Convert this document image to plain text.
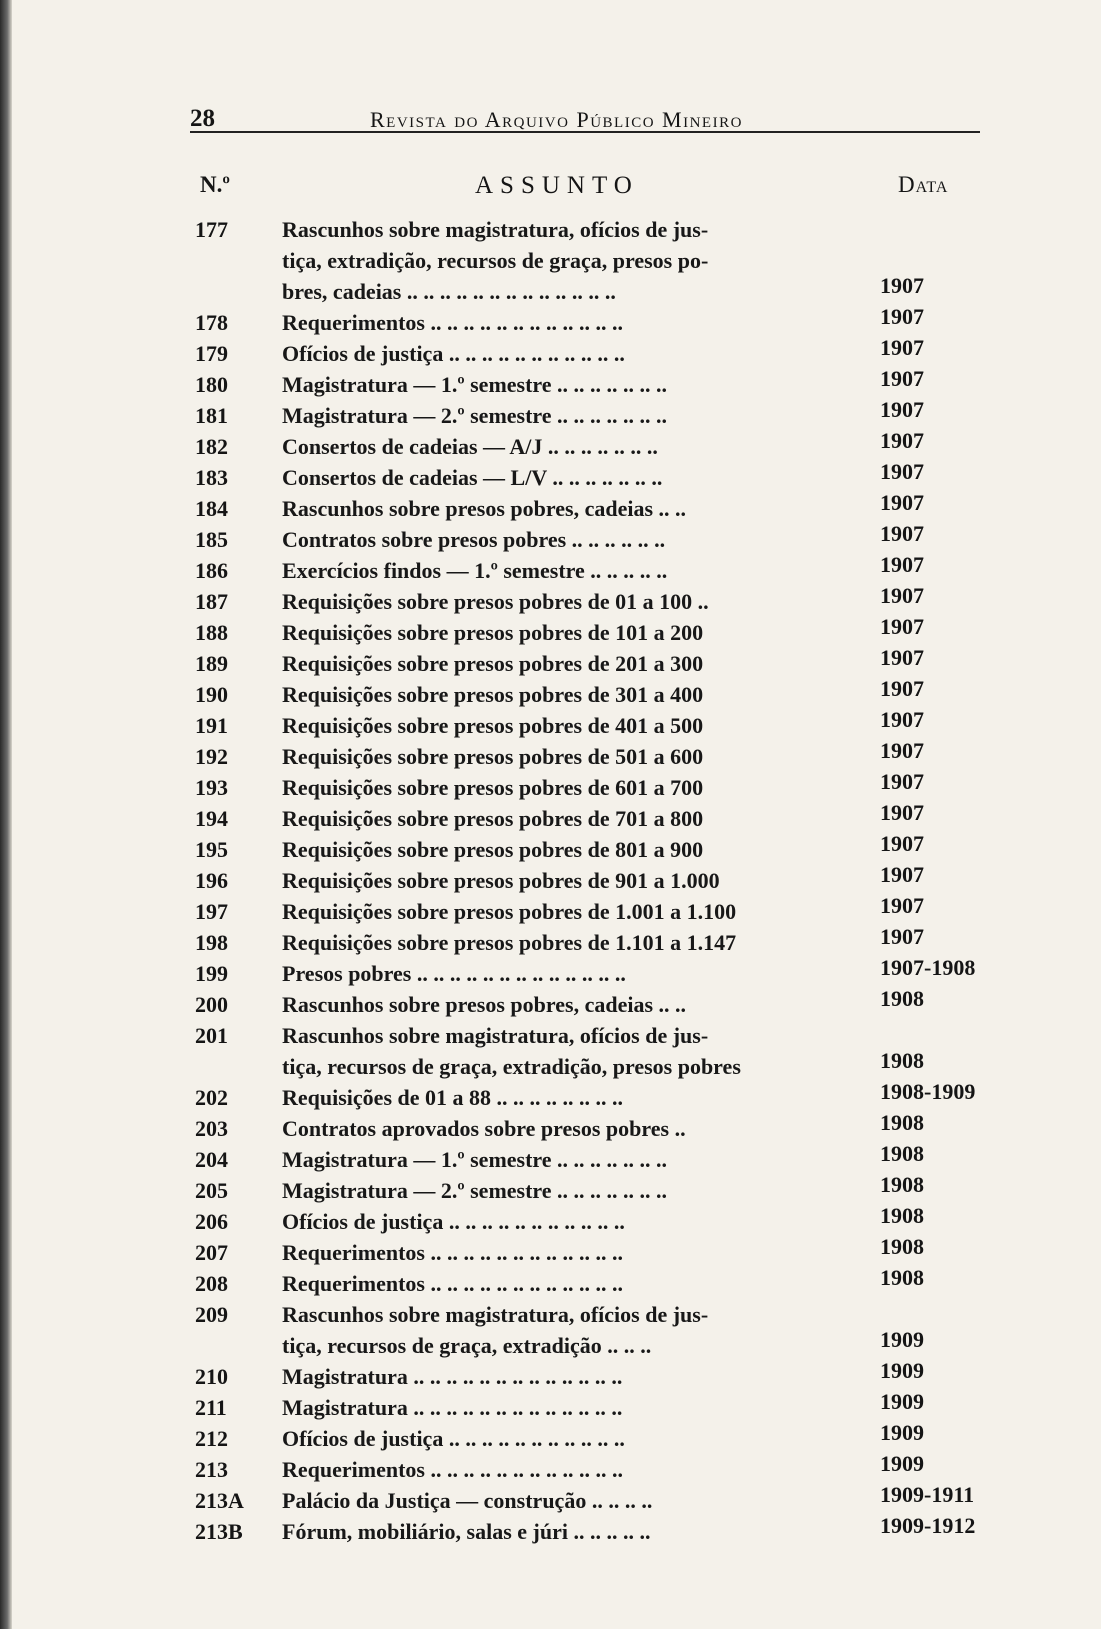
28	Revista do Arquivo Público Mineiro
N.º	ASSUNTO	Data
177	Rascunhos sobre magistratura, ofícios de jus-
tiça, extradição, recursos de graça, presos po-
bres, cadeias .. .. .. .. .. .. .. .. .. .. .. .. ..	1907
178	Requerimentos .. .. .. .. .. .. .. .. .. .. .. ..	1907
179	Ofícios de justiça .. .. .. .. .. .. .. .. .. .. ..	1907
180	Magistratura — 1.º semestre .. .. .. .. .. .. ..	1907
181	Magistratura — 2.º semestre .. .. .. .. .. .. ..	1907
182	Consertos de cadeias — A/J .. .. .. .. .. .. ..	1907
183	Consertos de cadeias — L/V .. .. .. .. .. .. ..	1907
184	Rascunhos sobre presos pobres, cadeias .. ..	1907
185	Contratos sobre presos pobres .. .. .. .. .. ..	1907
186	Exercícios findos — 1.º semestre .. .. .. .. ..	1907
187	Requisições sobre presos pobres de 01 a 100 ..	1907
188	Requisições sobre presos pobres de 101 a 200	1907
189	Requisições sobre presos pobres de 201 a 300	1907
190	Requisições sobre presos pobres de 301 a 400	1907
191	Requisições sobre presos pobres de 401 a 500	1907
192	Requisições sobre presos pobres de 501 a 600	1907
193	Requisições sobre presos pobres de 601 a 700	1907
194	Requisições sobre presos pobres de 701 a 800	1907
195	Requisições sobre presos pobres de 801 a 900	1907
196	Requisições sobre presos pobres de 901 a 1.000	1907
197	Requisições sobre presos pobres de 1.001 a 1.100	1907
198	Requisições sobre presos pobres de 1.101 a 1.147	1907
199	Presos pobres .. .. .. .. .. .. .. .. .. .. .. .. ..	1907-1908
200	Rascunhos sobre presos pobres, cadeias .. ..	1908
201	Rascunhos sobre magistratura, ofícios de jus-
tiça, recursos de graça, extradição, presos pobres	1908
202	Requisições de 01 a 88 .. .. .. .. .. .. .. ..	1908-1909
203	Contratos aprovados sobre presos pobres ..	1908
204	Magistratura — 1.º semestre .. .. .. .. .. .. ..	1908
205	Magistratura — 2.º semestre .. .. .. .. .. .. ..	1908
206	Ofícios de justiça .. .. .. .. .. .. .. .. .. .. ..	1908
207	Requerimentos .. .. .. .. .. .. .. .. .. .. .. ..	1908
208	Requerimentos .. .. .. .. .. .. .. .. .. .. .. ..	1908
209	Rascunhos sobre magistratura, ofícios de jus-
tiça, recursos de graça, extradição .. .. ..	1909
210	Magistratura .. .. .. .. .. .. .. .. .. .. .. .. ..	1909
211	Magistratura .. .. .. .. .. .. .. .. .. .. .. .. ..	1909
212	Ofícios de justiça .. .. .. .. .. .. .. .. .. .. ..	1909
213	Requerimentos .. .. .. .. .. .. .. .. .. .. .. ..	1909
213A	Palácio da Justiça — construção .. .. .. ..	1909-1911
213B	Fórum, mobiliário, salas e júri .. .. .. .. ..	1909-1912
